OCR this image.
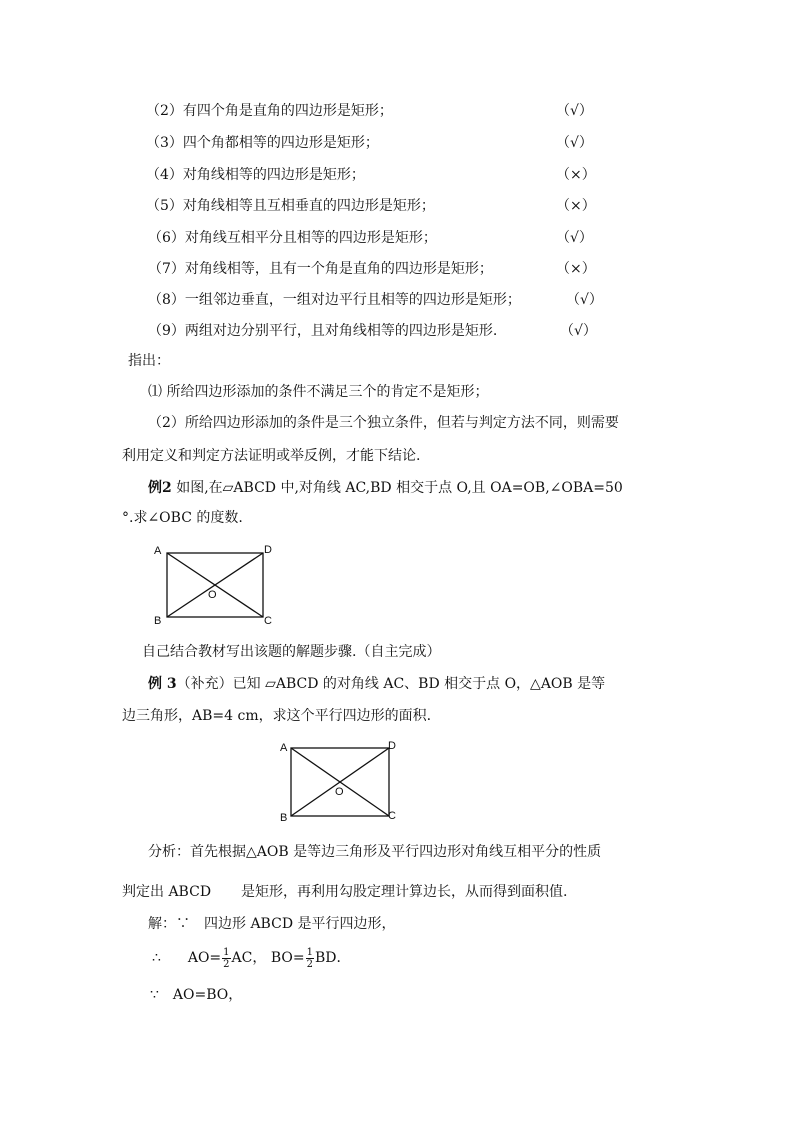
（2）有四个角是直角的四边形是矩形；	（√）
（3）四个角都相等的四边形是矩形；	（√）
（4）对角线相等的四边形是矩形；	（×）
（5）对角线相等且互相垂直的四边形是矩形；	（×）
（6）对角线互相平分且相等的四边形是矩形；	（√）
（7）对角线相等，且有一个角是直角的四边形是矩形；	（×）
（8）一组邻边垂直，一组对边平行且相等的四边形是矩形；	（√）
（9）两组对边分别平行，且对角线相等的四边形是矩形.	（√）
指出：
⑴ 所给四边形添加的条件不满足三个的肯定不是矩形；
（2）所给四边形添加的条件是三个独立条件，但若与判定方法不同，则需要
利用定义和判定方法证明或举反例，才能下结论.
例2 如图,在▱ABCD 中,对角线 AC,BD 相交于点 O,且 OA=OB,∠OBA=50
°.求∠OBC 的度数.
A	D
B	C
O
自己结合教材写出该题的解题步骤.（自主完成）
例 3（补充）已知 ▱ABCD 的对角线 AC、BD 相交于点 O，△AOB 是等
边三角形，AB=4 cm，求这个平行四边形的面积.
A	D
B	C
O
分析：首先根据△AOB 是等边三角形及平行四边形对角线互相平分的性质
判定出 ABCD 是矩形，再利用勾股定理计算边长，从而得到面积值.
解：∵　四边形 ABCD 是平行四边形，
∴ $AO= \frac{1}{2}$ AC， $BO= \frac{1}{2}$ BD．
∵ AO=BO，
